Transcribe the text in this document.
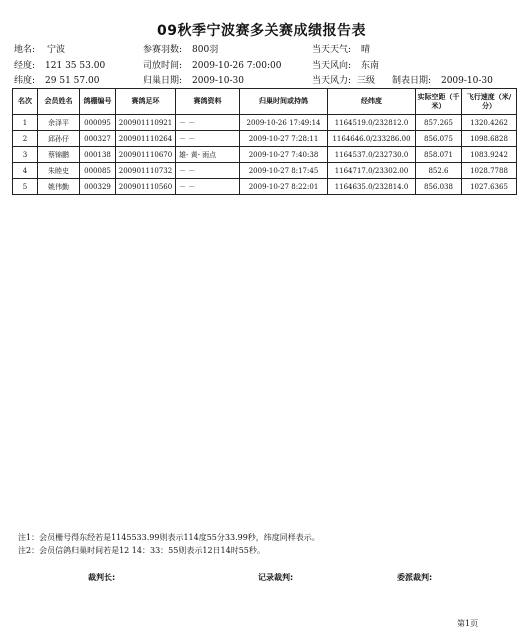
09秋季宁波赛多关赛成绩报告表
地名: 宁波
经度: 121 35 53.00
纬度: 29 51 57.00
参赛羽数: 800羽
司放时间: 2009-10-26 7:00:00
归巢日期: 2009-10-30
当天天气: 晴
当天风向: 东南
当天风力: 三级 制表日期: 2009-10-30
名次	会员姓名	鸽棚编号	赛鸽足环	赛鸽资料	归巢时间或持鸽	经纬度	实际空距（千米）	飞行速度（米/分）
1	余泽平	000095	200901110921	－ －	2009-10-26 17:49:14	1164519.0/232812.0	857.265	1320.4262
2	邱孙仔	000327	200901110264	－ －	2009-10-27 7:28:11	1164646.0/233286.00	856.075	1098.6828
3	蔡锦鹏	000138	200901110670	雄- 黄- 雨点	2009-10-27 7:40:38	1164537.0/232730.0	858.071	1083.9242
4	朱睦史	000085	200901110732	－ －	2009-10-27 8:17:45	1164717.0/23302.00	852.6	1028.7788
5	姚伟勤	000329	200901110560	－ －	2009-10-27 8:22:01	1164635.0/232814.0	856.038	1027.6365
注1：会员栅号得东经若是1145533.99则表示114度55分33.99秒，纬度同样表示。
注2：会员信鸽归巢时间若是12 14：33：55则表示12日14时55秒。
裁判长:	记录裁判:	委派裁判:
第1页
